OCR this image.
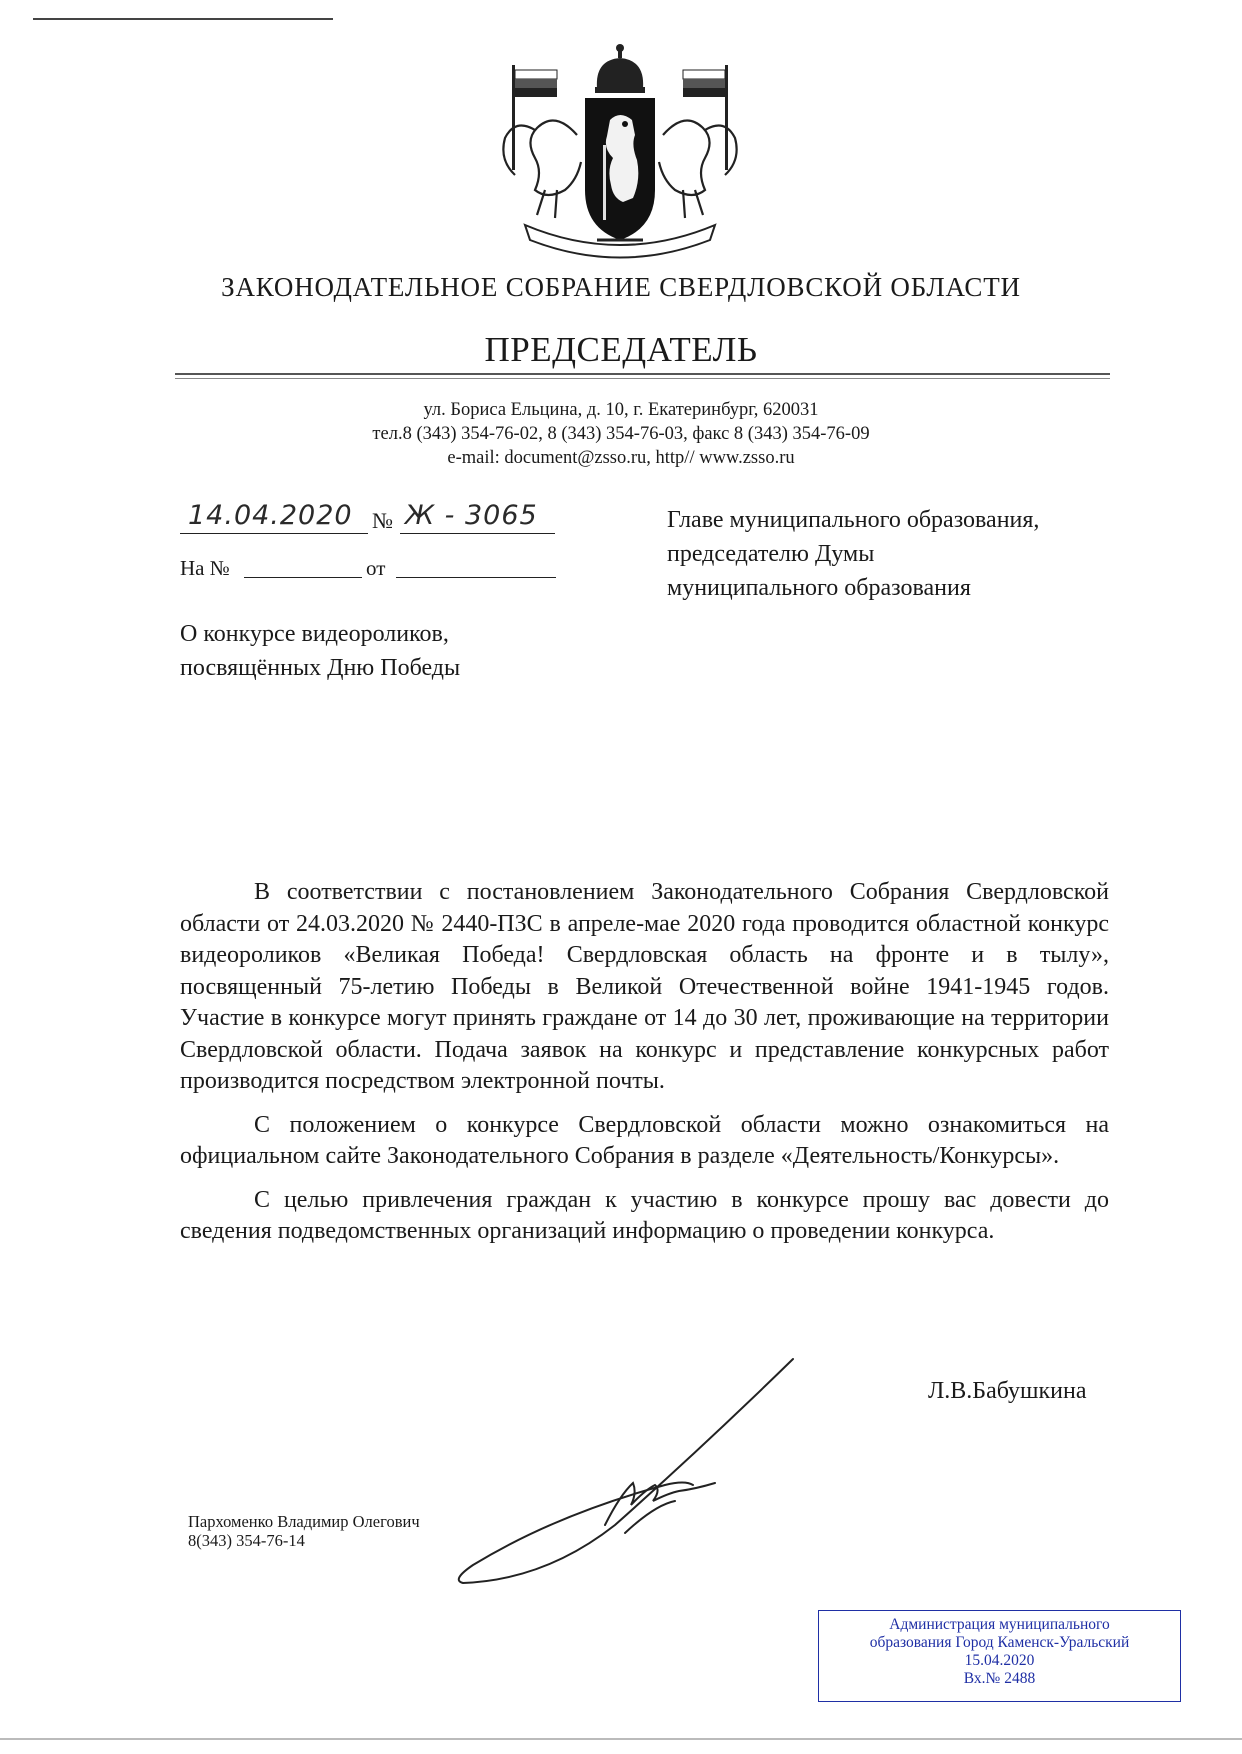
ЗАКОНОДАТЕЛЬНОЕ СОБРАНИЕ СВЕРДЛОВСКОЙ ОБЛАСТИ
ПРЕДСЕДАТЕЛЬ
ул. Бориса Ельцина, д. 10, г. Екатеринбург, 620031
тел.8 (343) 354-76-02, 8 (343) 354-76-03, факс 8 (343) 354-76-09
e-mail: document@zsso.ru, http// www.zsso.ru
14.04.2020 № Ж - 3065
На №	от
Главе муниципального образования,
председателю Думы
муниципального образования
О конкурсе видеороликов,
посвящённых Дню Победы

В соответствии с постановлением Законодательного Собрания Свердловской области от 24.03.2020 № 2440-ПЗС в апреле-мае 2020 года проводится областной конкурс видеороликов «Великая Победа! Свердловская область на фронте и в тылу», посвященный 75-летию Победы в Великой Отечественной войне 1941-1945 годов. Участие в конкурсе могут принять граждане от 14 до 30 лет, проживающие на территории Свердловской области. Подача заявок на конкурс и представление конкурсных работ производится посредством электронной почты.

С положением о конкурсе Свердловской области можно ознакомиться на официальном сайте Законодательного Собрания в разделе «Деятельность/Конкурсы».

С целью привлечения граждан к участию в конкурсе прошу вас довести до сведения подведомственных организаций информацию о проведении конкурса.

Л.В.Бабушкина
Пархоменко Владимир Олегович
8(343) 354-76-14
Администрация муниципального
образования Город Каменск-Уральский
15.04.2020
Вх.№ 2488
